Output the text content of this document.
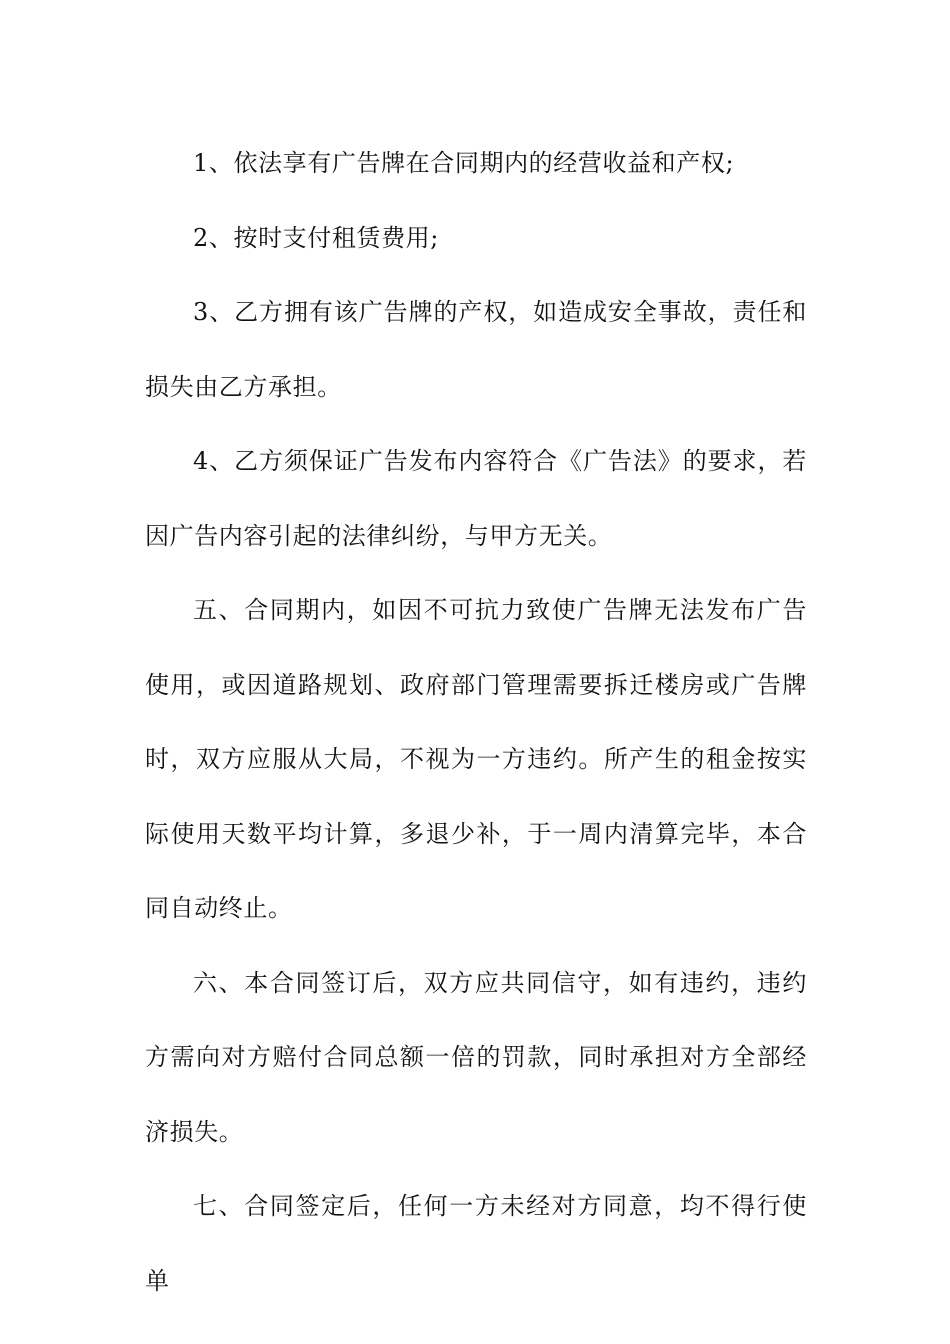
1、依法享有广告牌在合同期内的经营收益和产权;

2、按时支付租赁费用;

3、乙方拥有该广告牌的产权，如造成安全事故，责任和损失由乙方承担。

4、乙方须保证广告发布内容符合《广告法》的要求，若因广告内容引起的法律纠纷，与甲方无关。

五、合同期内，如因不可抗力致使广告牌无法发布广告使用，或因道路规划、政府部门管理需要拆迁楼房或广告牌时，双方应服从大局，不视为一方违约。所产生的租金按实际使用天数平均计算，多退少补，于一周内清算完毕，本合同自动终止。

六、本合同签订后，双方应共同信守，如有违约，违约方需向对方赔付合同总额一倍的罚款，同时承担对方全部经济损失。

七、合同签定后，任何一方未经对方同意，均不得行使单
